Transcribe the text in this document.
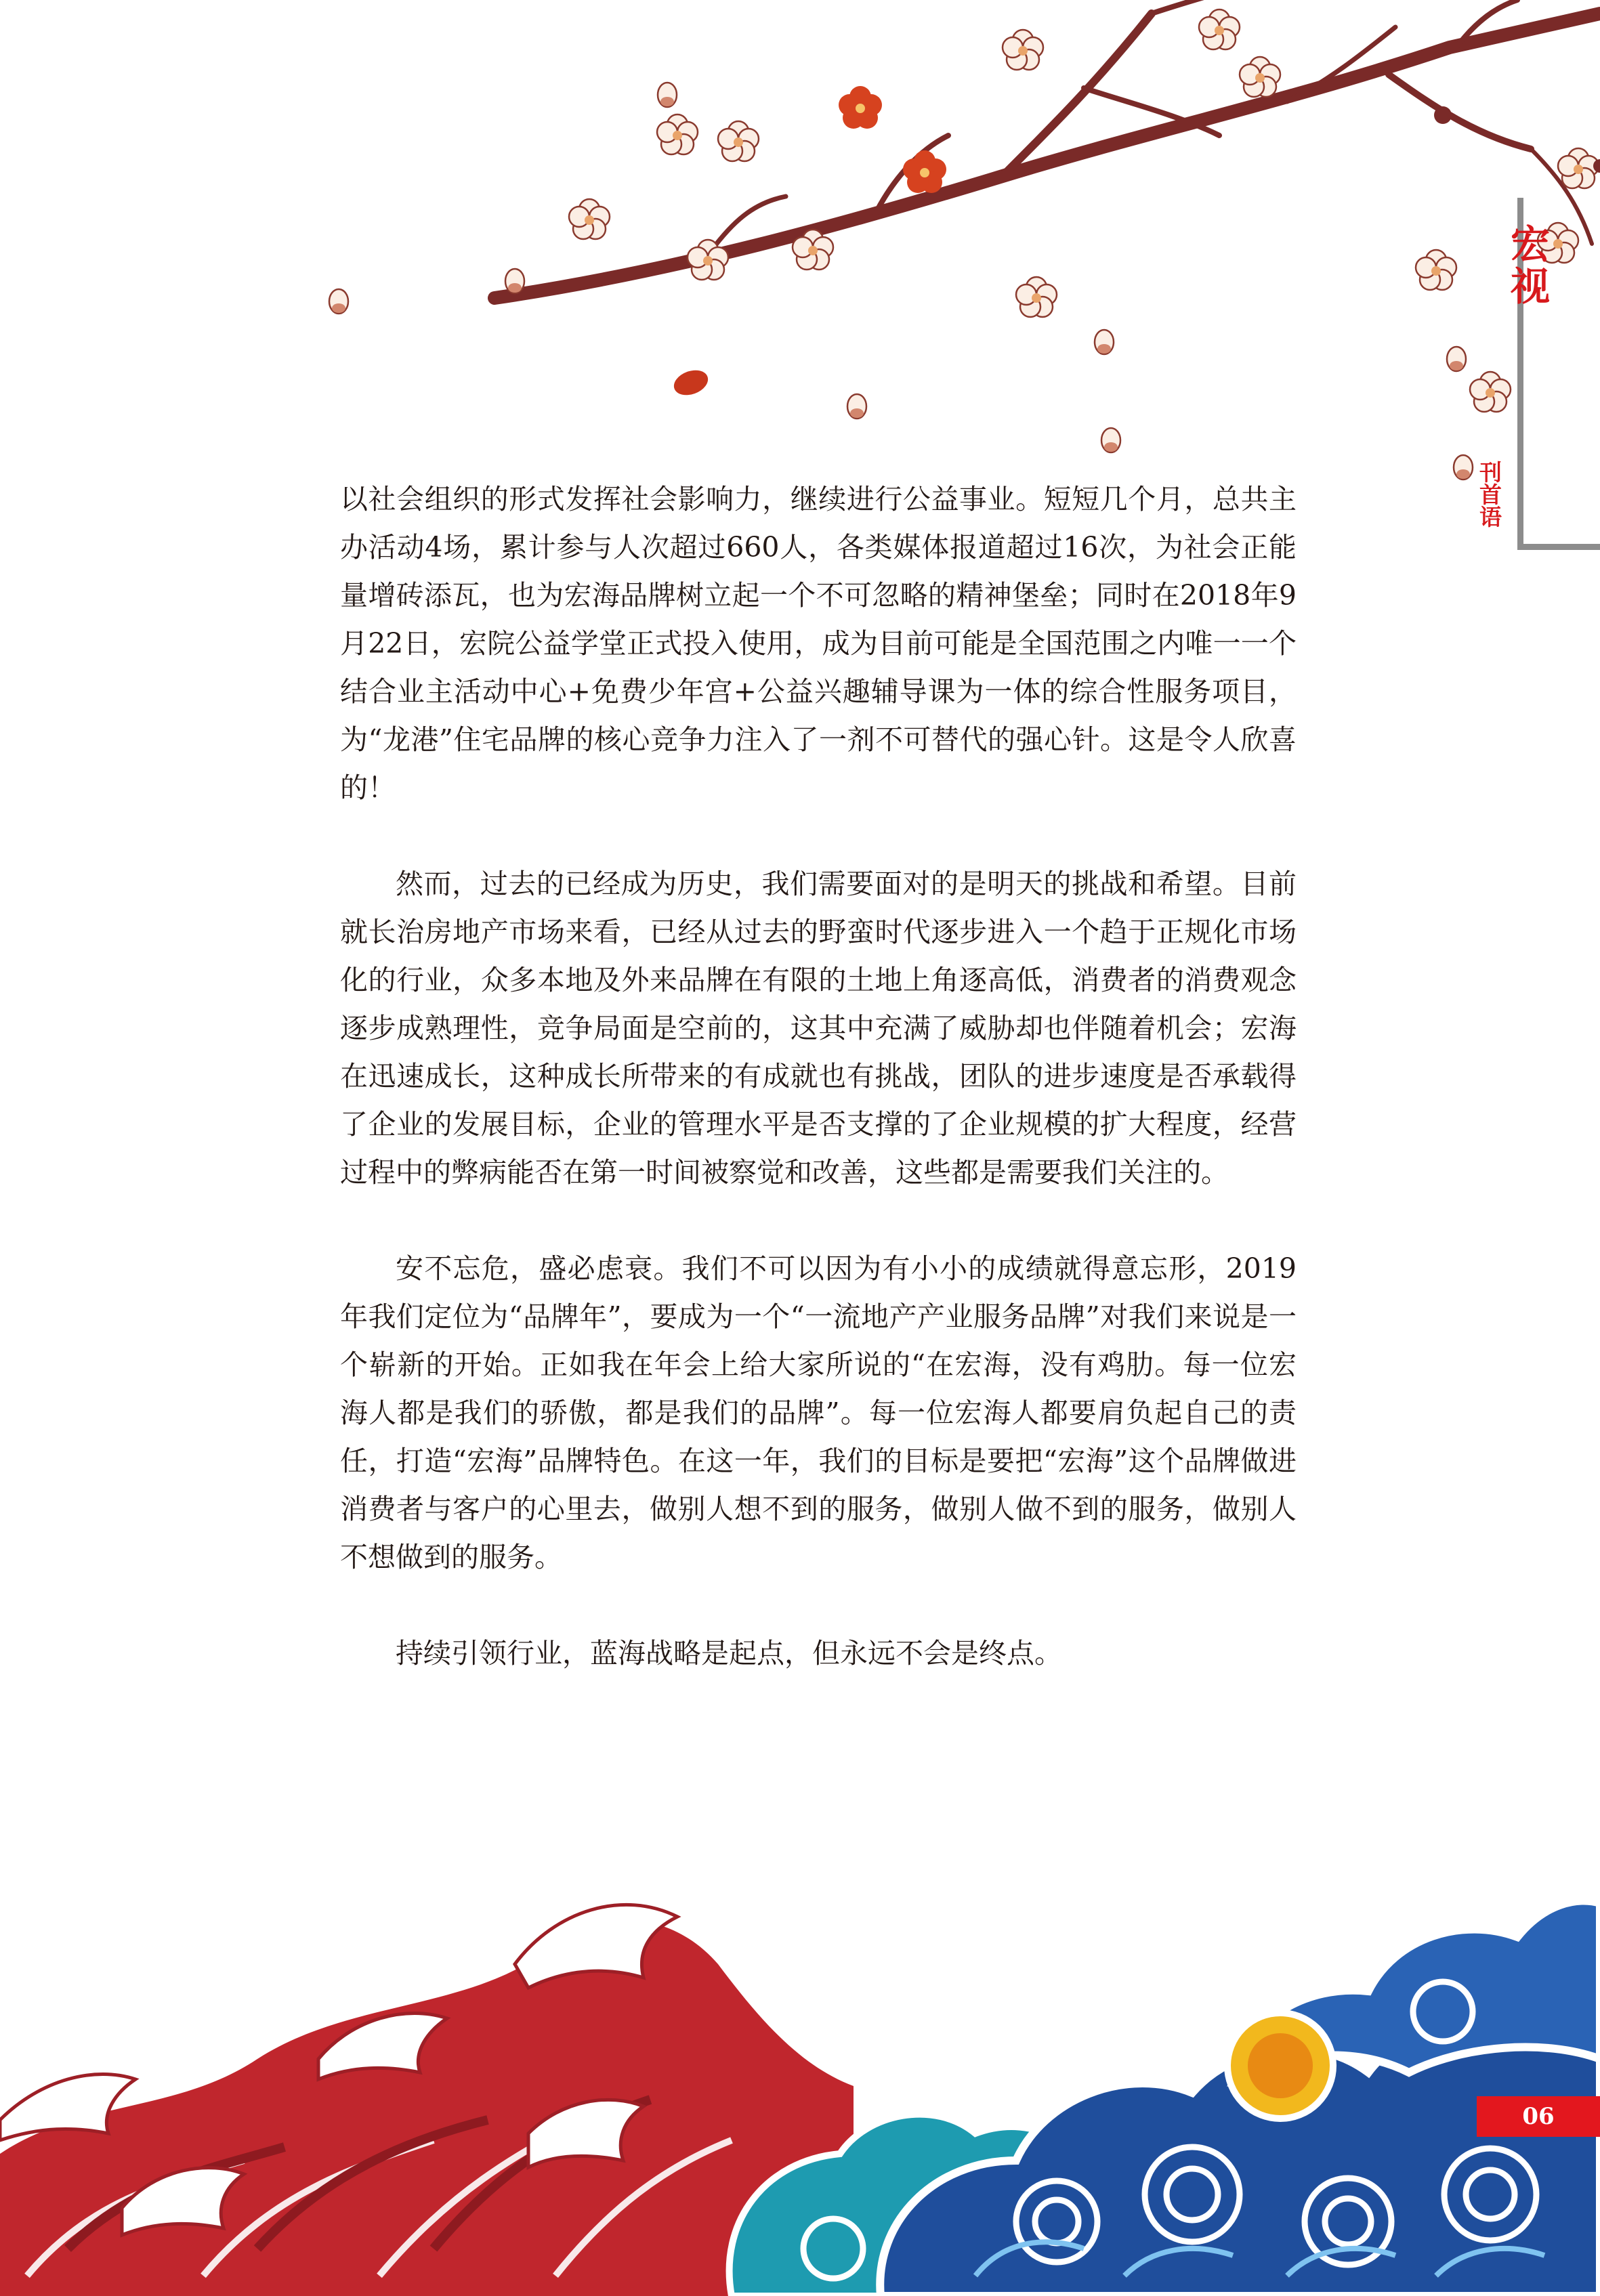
宏视
刊首语

以社会组织的形式发挥社会影响力，继续进行公益事业。短短几个月，总共主办活动4场，累计参与人次超过660人，各类媒体报道超过16次，为社会正能量增砖添瓦，也为宏海品牌树立起一个不可忽略的精神堡垒；同时在2018年9月22日，宏院公益学堂正式投入使用，成为目前可能是全国范围之内唯一一个结合业主活动中心+免费少年宫+公益兴趣辅导课为一体的综合性服务项目，为“龙港”住宅品牌的核心竞争力注入了一剂不可替代的强心针。这是令人欣喜的！

然而，过去的已经成为历史，我们需要面对的是明天的挑战和希望。目前就长治房地产市场来看，已经从过去的野蛮时代逐步进入一个趋于正规化市场化的行业，众多本地及外来品牌在有限的土地上角逐高低，消费者的消费观念逐步成熟理性，竞争局面是空前的，这其中充满了威胁却也伴随着机会；宏海在迅速成长，这种成长所带来的有成就也有挑战，团队的进步速度是否承载得了企业的发展目标，企业的管理水平是否支撑的了企业规模的扩大程度，经营过程中的弊病能否在第一时间被察觉和改善，这些都是需要我们关注的。

安不忘危，盛必虑衰。我们不可以因为有小小的成绩就得意忘形，2019年我们定位为“品牌年”，要成为一个“一流地产产业服务品牌”对我们来说是一个崭新的开始。正如我在年会上给大家所说的“在宏海，没有鸡肋。每一位宏海人都是我们的骄傲，都是我们的品牌”。每一位宏海人都要肩负起自己的责任，打造“宏海”品牌特色。在这一年，我们的目标是要把“宏海”这个品牌做进消费者与客户的心里去，做别人想不到的服务，做别人做不到的服务，做别人不想做到的服务。

持续引领行业，蓝海战略是起点，但永远不会是终点。

06
